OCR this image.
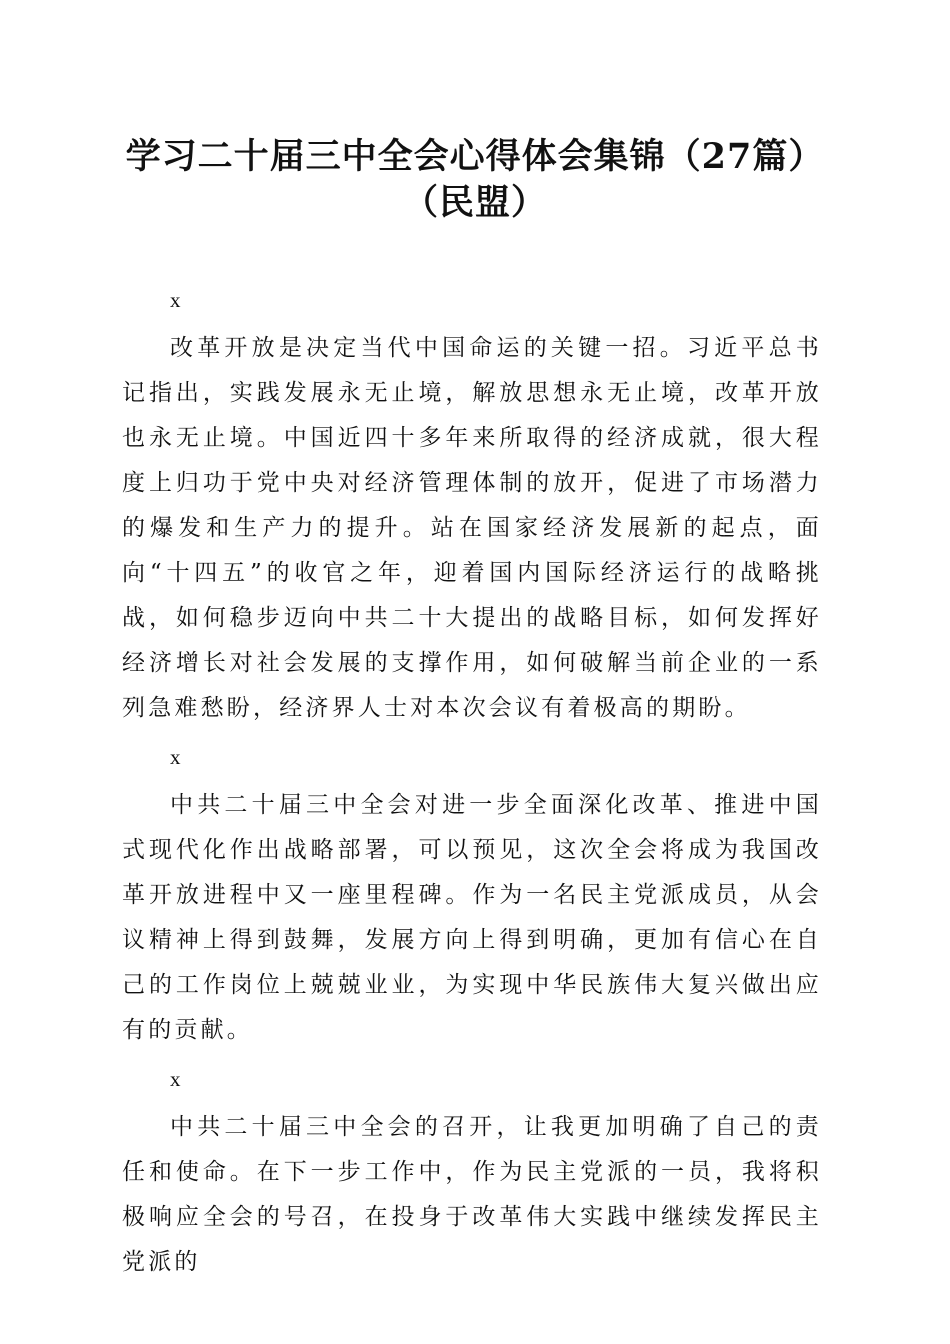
学习二十届三中全会心得体会集锦（27篇）
（民盟）
x

改革开放是决定当代中国命运的关键一招。习近平总书记指出，实践发展永无止境，解放思想永无止境，改革开放也永无止境。中国近四十多年来所取得的经济成就，很大程度上归功于党中央对经济管理体制的放开，促进了市场潜力的爆发和生产力的提升。站在国家经济发展新的起点，面向“十四五”的收官之年，迎着国内国际经济运行的战略挑战，如何稳步迈向中共二十大提出的战略目标，如何发挥好经济增长对社会发展的支撑作用，如何破解当前企业的一系列急难愁盼，经济界人士对本次会议有着极高的期盼。

x

中共二十届三中全会对进一步全面深化改革、推进中国式现代化作出战略部署，可以预见，这次全会将成为我国改革开放进程中又一座里程碑。作为一名民主党派成员，从会议精神上得到鼓舞，发展方向上得到明确，更加有信心在自己的工作岗位上兢兢业业，为实现中华民族伟大复兴做出应有的贡献。

x

中共二十届三中全会的召开，让我更加明确了自己的责任和使命。在下一步工作中，作为民主党派的一员，我将积极响应全会的号召，在投身于改革伟大实践中继续发挥民主党派的
